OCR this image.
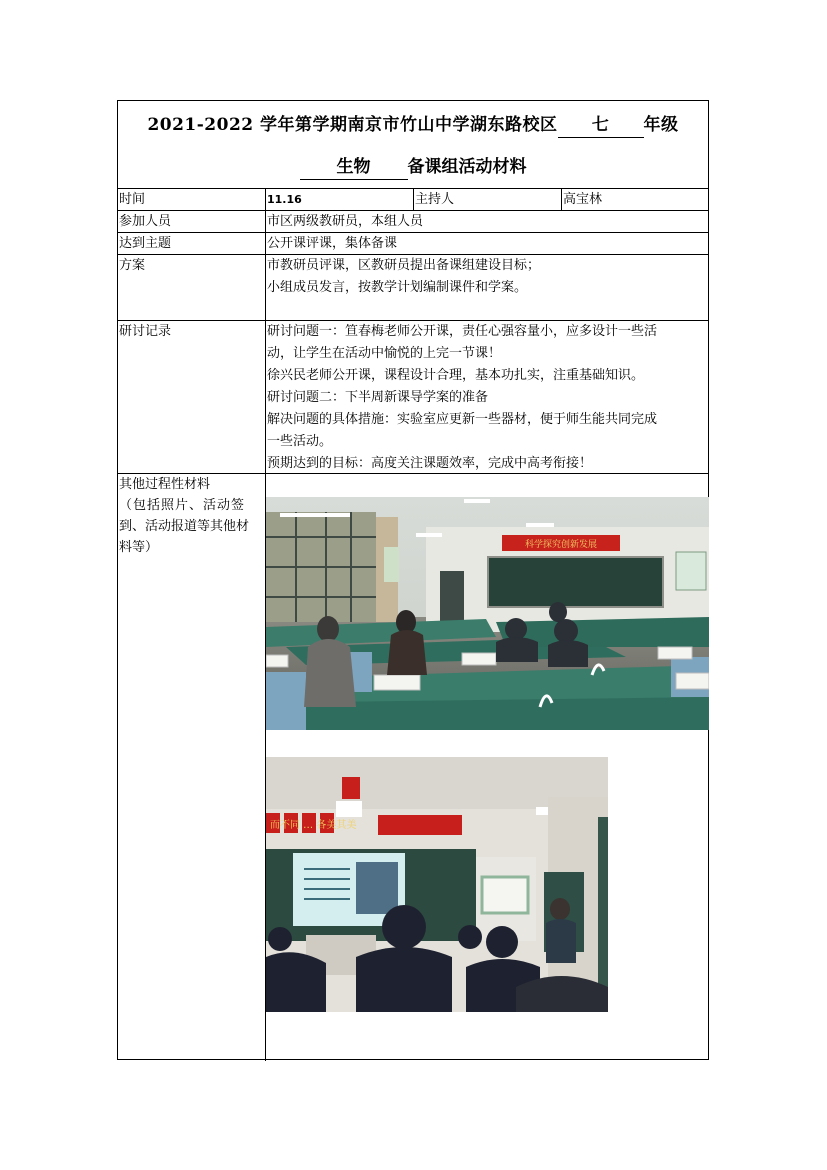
2021-2022 学年第学期南京市竹山中学湖东路校区 七 年级
生物 备课组活动材料
时间	11.16	主持人	高宝林
参加人员	市区两级教研员，本组人员
达到主题	公开课评课，集体备课
方案	市教研员评课，区教研员提出备课组建设目标；
小组成员发言，按教学计划编制课件和学案。
研讨记录	研讨问题一：笪春梅老师公开课，责任心强容量小，应多设计一些活
动，让学生在活动中愉悦的上完一节课！
徐兴民老师公开课，课程设计合理，基本功扎实，注重基础知识。
研讨问题二：下半周新课导学案的准备
解决问题的具体措施：实验室应更新一些器材，便于师生能共同完成
一些活动。
预期达到的目标：高度关注课题效率，完成中高考衔接！
其他过程性材料
（包括照片、活动签
到、活动报道等其他材
料等）	科学探究创新发展
而不同 … 各美其美
